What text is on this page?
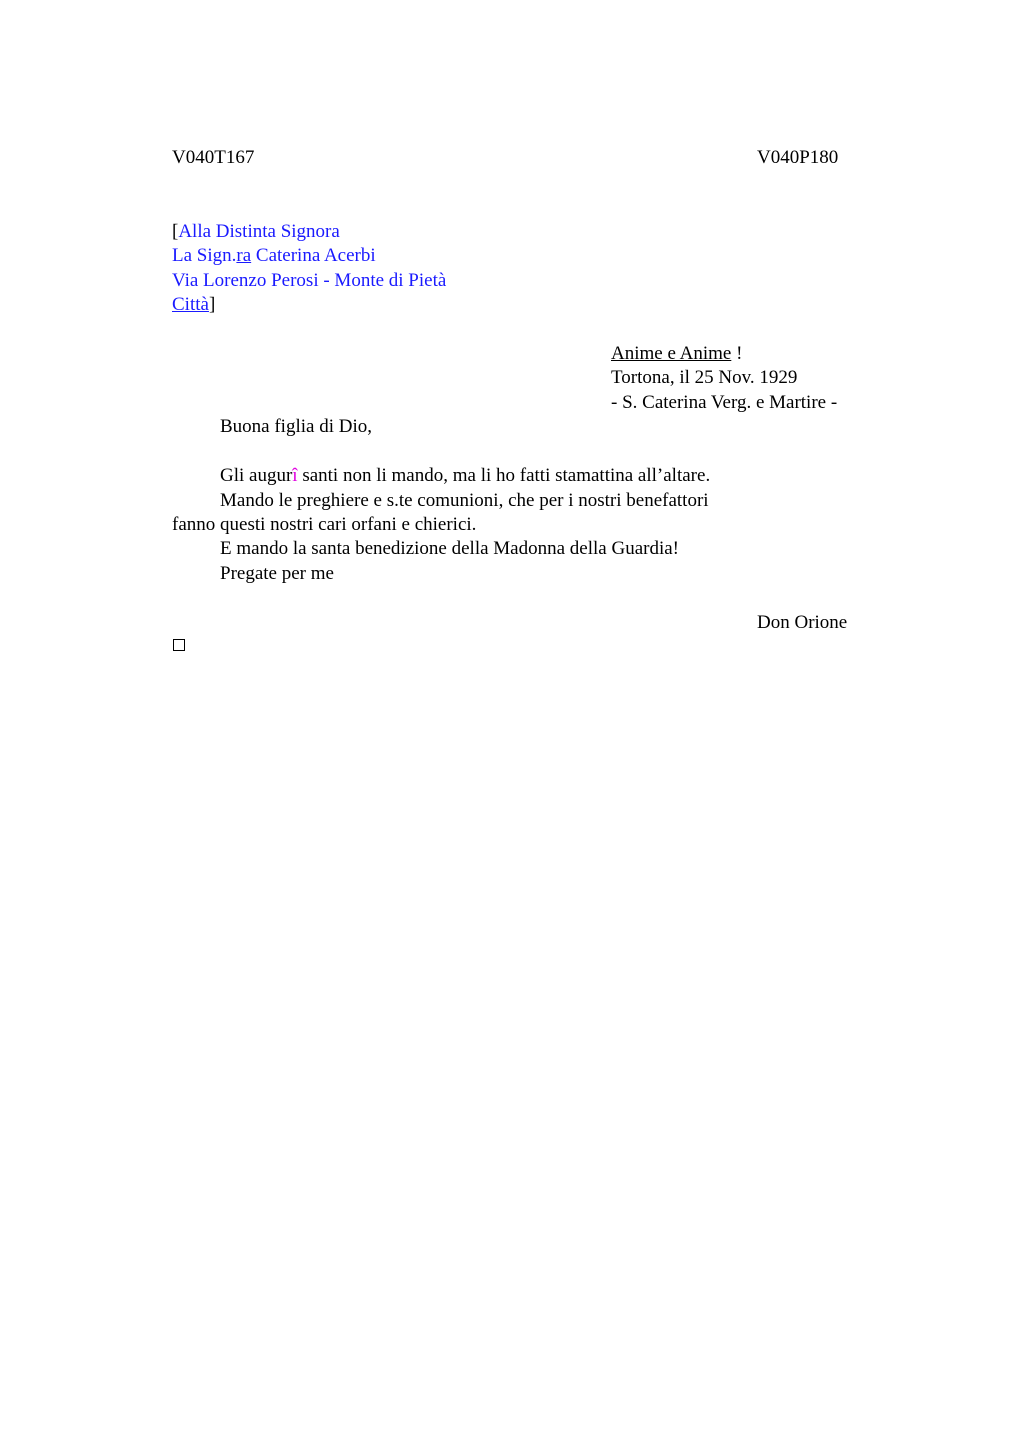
V040T167	V040P180
[Alla Distinta Signora
La Sign.ra Caterina Acerbi
Via Lorenzo Perosi - Monte di Pietà
Città]
Anime e Anime !
Tortona, il 25 Nov. 1929
- S. Caterina Verg. e Martire -
Buona figlia di Dio,
Gli augurî santi non li mando, ma li ho fatti stamattina all’altare.
Mando le preghiere e s.te comunioni, che per i nostri benefattori
fanno questi nostri cari orfani e chierici.
E mando la santa benedizione della Madonna della Guardia!
Pregate per me
Don Orione
